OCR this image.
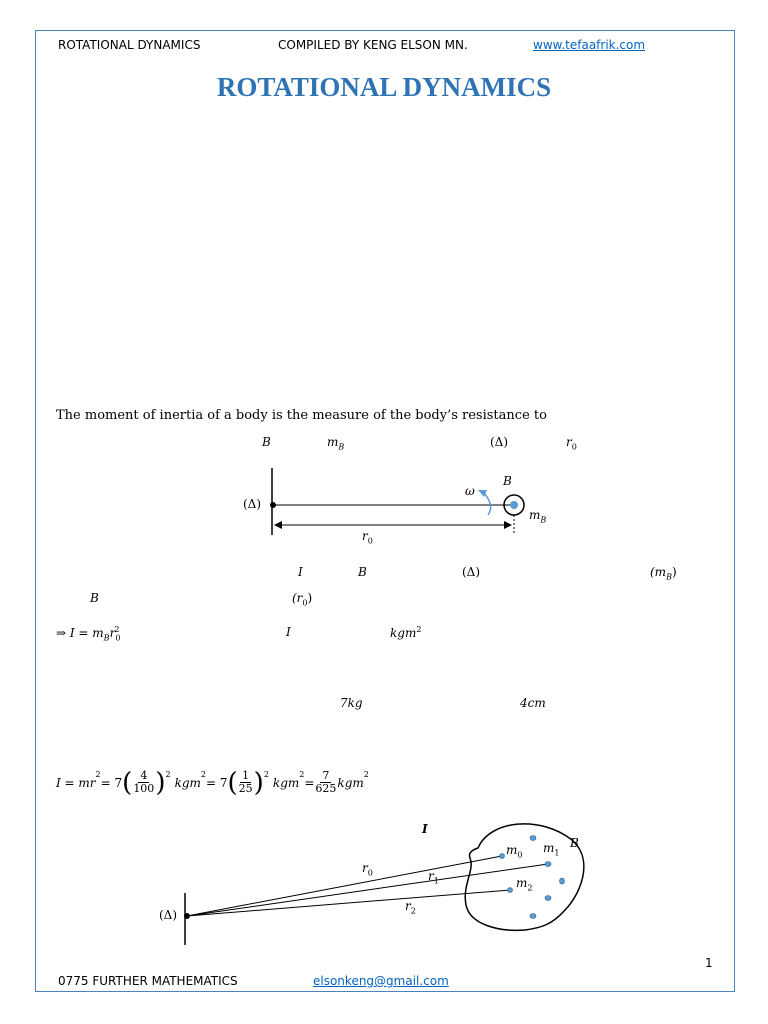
ROTATIONAL DYNAMICS	COMPILED BY KENG ELSON MN.	www.tefaafrik.com
ROTATIONAL DYNAMICS
The moment of inertia of a body is the measure of the body’s resistance to
B	$m_B$	(Δ)	$r_0$
(Δ)
ω
B
$m_B$
$r_0$
I	B	(Δ)	$(m_B)$
B	$(r_0)$
⇒ $I = m_Br_0^2$	I	kgm$^2$
7kg	4cm
I = mr
$^2$
= 7 ( $\frac{4}{100} )^2$
kgm
$^2$
= 7 ( $\frac{1}{25} )^2$
kgm
$^2$
= $\frac{7}{625}$ kgm
$^2$
I
(Δ)
B
$m_0$ $m_1$
$m_2$
$r_0$	$r_1$
$r_2$
1
0775 FURTHER MATHEMATICS	elsonkeng@gmail.com
